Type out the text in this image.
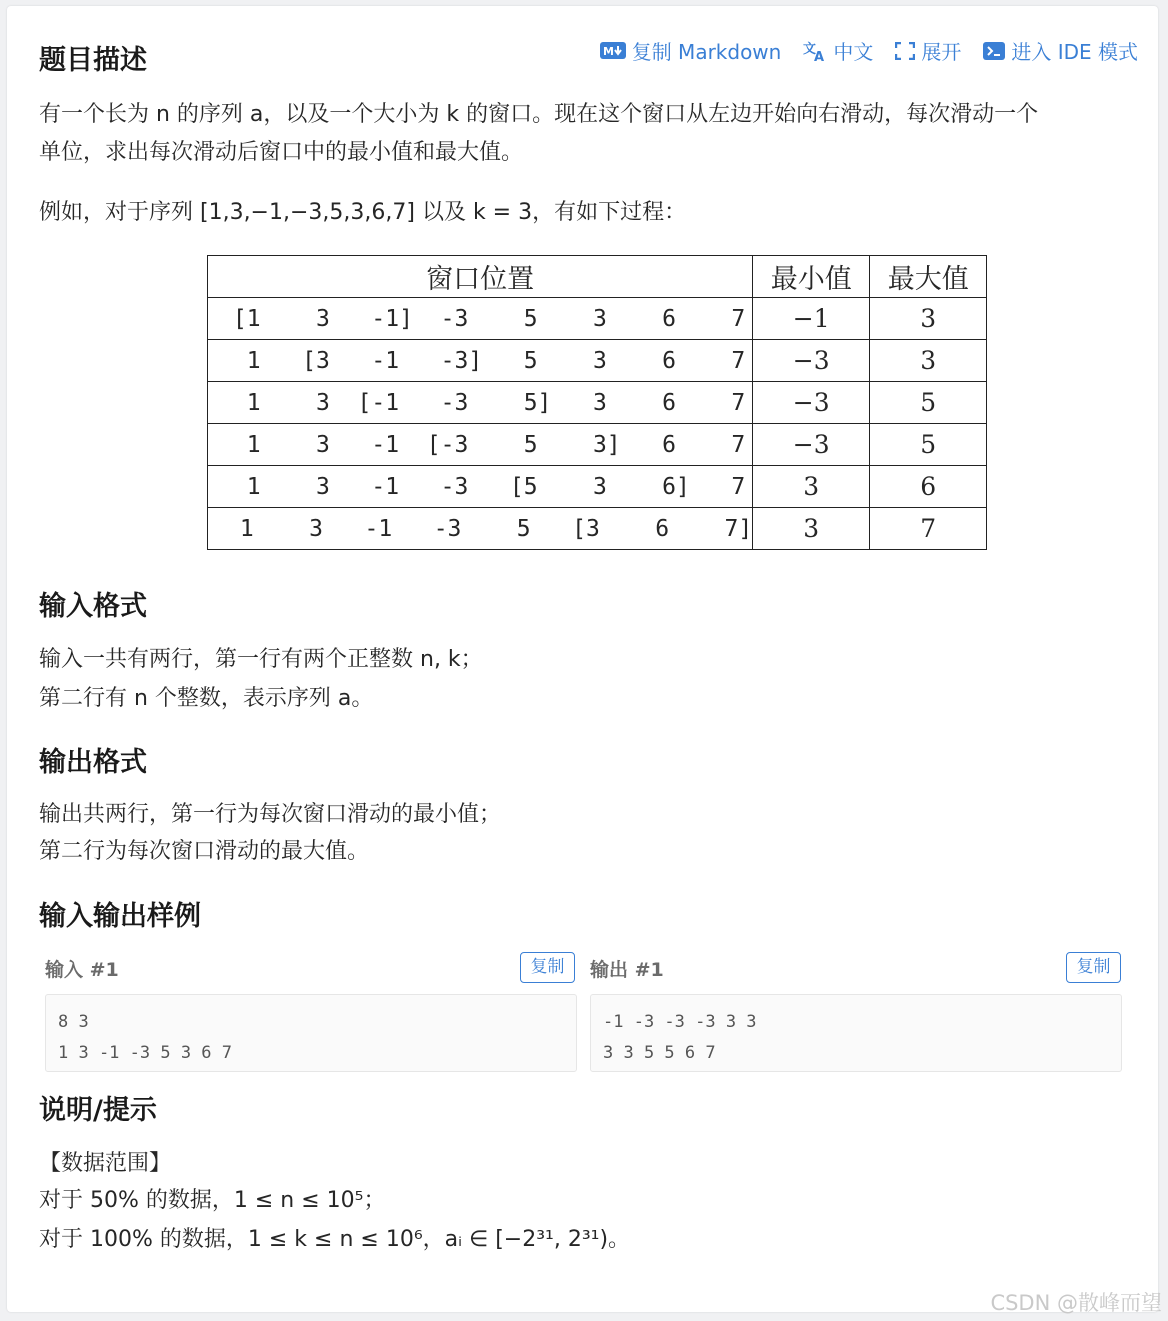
题目描述	M 复制 Markdown 文
A 中文 展开	进入 IDE 模式
有一个长为 n 的序列 a，以及一个大小为 k 的窗口。现在这个窗口从左边开始向右滑动，每次滑动一个
单位，求出每次滑动后窗口中的最小值和最大值。
例如，对于序列 [1,3,−1,−3,5,3,6,7] 以及 k = 3，有如下过程：
窗口位置	最小值	最大值
[1    3   -1]  -3    5    3    6    7	−1	3
1   [3   -1   -3]   5    3    6    7	−3	3
1    3  [-1   -3    5]   3    6    7	−3	5
1    3   -1  [-3    5    3]   6    7	−3	5
1    3   -1   -3   [5    3    6]   7	3	6
1    3   -1   -3    5   [3    6    7]	3	7
输入格式
输入一共有两行，第一行有两个正整数 n, k；
第二行有 n 个整数，表示序列 a。
输出格式
输出共两行，第一行为每次窗口滑动的最小值；
第二行为每次窗口滑动的最大值。
输入输出样例
输入 #1	复制
8 3
1 3 -1 -3 5 3 6 7
输出 #1	复制
-1 -3 -3 -3 3 3
3 3 5 5 6 7
说明/提示
【数据范围】
对于 50% 的数据，1 ≤ n ≤ 10⁵；
对于 100% 的数据，1 ≤ k ≤ n ≤ 10⁶，aᵢ ∈ [−2³¹, 2³¹)。
CSDN @散峰而望
